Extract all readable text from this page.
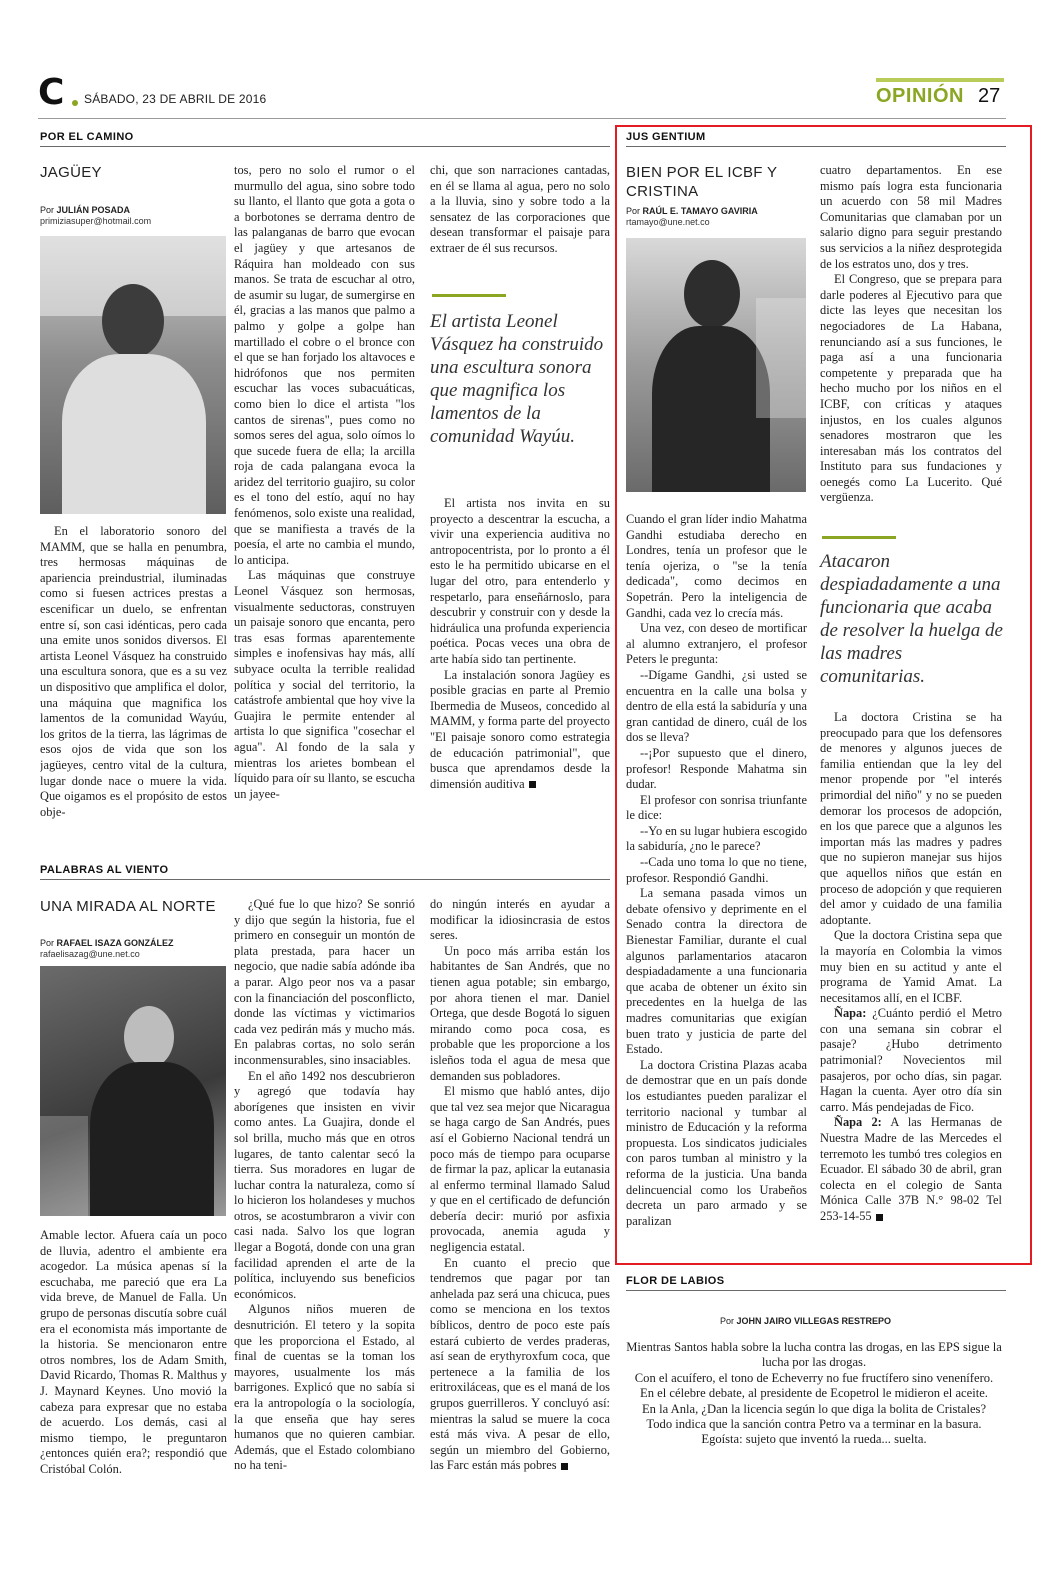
C	SÁBADO, 23 DE ABRIL DE 2016	OPINIÓN 27
POR EL CAMINO
JAGÜEY
Por JULIÁN POSADA
primiziasuper@hotmail.com

En el laboratorio sonoro del MAMM, que se halla en penumbra, tres hermosas máquinas de apariencia preindustrial, iluminadas como si fuesen actrices prestas a escenificar un duelo, se enfrentan entre sí, son casi idénticas, pero cada una emite unos sonidos diversos. El artista Leonel Vásquez ha construido una escultura sonora, que es a su vez un dispositivo que amplifica el dolor, una máquina que magnifica los lamentos de la comunidad Wayúu, los gritos de la tierra, las lágrimas de esos ojos de vida que son los jagüeyes, centro vital de la cultura, lugar donde nace o muere la vida. Que oigamos es el propósito de estos obje-

tos, pero no solo el rumor o el murmullo del agua, sino sobre todo su llanto, el llanto que gota a gota o a borbotones se derrama dentro de las palanganas de barro que evocan el jagüey y que artesanos de Ráquira han moldeado con sus manos. Se trata de escuchar al otro, de asumir su lugar, de sumergirse en él, gracias a las manos que palmo a palmo y golpe a golpe han martillado el cobre o el bronce con el que se han forjado los altavoces e hidrófonos que nos permiten escuchar las voces subacuáticas, como bien lo dice el artista "los cantos de sirenas", pues como no somos seres del agua, solo oímos lo que sucede fuera de ella; la arcilla roja de cada palangana evoca la aridez del territorio guajiro, su color es el tono del estío, aquí no hay fenómenos, solo existe una realidad, que se manifiesta a través de la poesía, el arte no cambia el mundo, lo anticipa.

Las máquinas que construye Leonel Vásquez son hermosas, visualmente seductoras, construyen un paisaje sonoro que encanta, pero tras esas formas aparentemente simples e inofensivas hay más, allí subyace oculta la terrible realidad política y social del territorio, la catástrofe ambiental que hoy vive la Guajira le permite entender al artista lo que significa "cosechar el agua". Al fondo de la sala y mientras los arietes bombean el líquido para oír su llanto, se escucha un jayee-

chi, que son narraciones cantadas, en él se llama al agua, pero no solo a la lluvia, sino y sobre todo a la sensatez de las corporaciones que desean transformar el paisaje para extraer de él sus recursos.

El artista Leonel Vásquez ha construido una escultura sonora que magnifica los lamentos de la comunidad Wayúu.

El artista nos invita en su proyecto a descentrar la escucha, a vivir una experiencia auditiva no antropocentrista, por lo pronto a él esto le ha permitido ubicarse en el lugar del otro, para entenderlo y respetarlo, para enseñárnoslo, para descubrir y construir con y desde la hidráulica una profunda experiencia poética. Pocas veces una obra de arte había sido tan pertinente.

La instalación sonora Jagüey es posible gracias en parte al Premio Ibermedia de Museos, concedido al MAMM, y forma parte del proyecto "El paisaje sonoro como estrategia de educación patrimonial", que busca que aprendamos desde la dimensión auditiva

PALABRAS AL VIENTO
UNA MIRADA AL NORTE
Por RAFAEL ISAZA GONZÁLEZ
rafaelisazag@une.net.co

Amable lector. Afuera caía un poco de lluvia, adentro el ambiente era acogedor. La música apenas sí la escuchaba, me pareció que era La vida breve, de Manuel de Falla. Un grupo de personas discutía sobre cuál era el economista más importante de la historia. Se mencionaron entre otros nombres, los de Adam Smith, David Ricardo, Thomas R. Malthus y J. Maynard Keynes. Uno movió la cabeza para expresar que no estaba de acuerdo. Los demás, casi al mismo tiempo, le preguntaron ¿entonces quién era?; respondió que Cristóbal Colón.

¿Qué fue lo que hizo? Se sonrió y dijo que según la historia, fue el primero en conseguir un montón de plata prestada, para hacer un negocio, que nadie sabía adónde iba a parar. Algo peor nos va a pasar con la financiación del posconflicto, donde las víctimas y victimarios cada vez pedirán más y mucho más. En palabras cortas, no solo serán inconmensurables, sino insaciables.

En el año 1492 nos descubrieron y agregó que todavía hay aborígenes que insisten en vivir como antes. La Guajira, donde el sol brilla, mucho más que en otros lugares, de tanto calentar secó la tierra. Sus moradores en lugar de luchar contra la naturaleza, como sí lo hicieron los holandeses y muchos otros, se acostumbraron a vivir con casi nada. Salvo los que logran llegar a Bogotá, donde con una gran facilidad aprenden el arte de la política, incluyendo sus beneficios económicos.

Algunos niños mueren de desnutrición. El tetero y la sopita que les proporciona el Estado, al final de cuentas se la toman los mayores, usualmente los más barrigones. Explicó que no sabía si era la antropología o la sociología, la que enseña que hay seres humanos que no quieren cambiar. Además, que el Estado colombiano no ha teni-

do ningún interés en ayudar a modificar la idiosincrasia de estos seres.

Un poco más arriba están los habitantes de San Andrés, que no tienen agua potable; sin embargo, por ahora tienen el mar. Daniel Ortega, que desde Bogotá lo siguen mirando como poca cosa, es probable que les proporcione a los isleños toda el agua de mesa que demanden sus pobladores.

El mismo que habló antes, dijo que tal vez sea mejor que Nicaragua se haga cargo de San Andrés, pues así el Gobierno Nacional tendrá un poco más de tiempo para ocuparse de firmar la paz, aplicar la eutanasia al enfermo terminal llamado Salud y que en el certificado de defunción debería decir: murió por asfixia provocada, anemia aguda y negligencia estatal.

En cuanto el precio que tendremos que pagar por tan anhelada paz será una chicuca, pues como se menciona en los textos bíblicos, dentro de poco este país estará cubierto de verdes praderas, así sean de erythyroxfum coca, que pertenece a la familia de los eritroxiláceas, que es el maná de los grupos guerrilleros. Y concluyó así: mientras la salud se muere la coca está más viva. A pesar de ello, según un miembro del Gobierno, las Farc están más pobres

JUS GENTIUM
BIEN POR EL ICBF Y CRISTINA
Por RAÚL E. TAMAYO GAVIRIA
rtamayo@une.net.co

Cuando el gran líder indio Mahatma Gandhi estudiaba derecho en Londres, tenía un profesor que le tenía ojeriza, o "se la tenía dedicada", como decimos en Sopetrán. Pero la inteligencia de Gandhi, cada vez lo crecía más.

Una vez, con deseo de mortificar al alumno extranjero, el profesor Peters le pregunta:

--Dígame Gandhi, ¿si usted se encuentra en la calle una bolsa y dentro de ella está la sabiduría y una gran cantidad de dinero, cuál de los dos se lleva?

--¡Por supuesto que el dinero, profesor! Responde Mahatma sin dudar.

El profesor con sonrisa triunfante le dice:

--Yo en su lugar hubiera escogido la sabiduría, ¿no le parece?

--Cada uno toma lo que no tiene, profesor. Respondió Gandhi.

La semana pasada vimos un debate ofensivo y deprimente en el Senado contra la directora de Bienestar Familiar, durante el cual algunos parlamentarios atacaron despiadadamente a una funcionaria que acaba de obtener un éxito sin precedentes en la huelga de las madres comunitarias que exigían buen trato y justicia de parte del Estado.

La doctora Cristina Plazas acaba de demostrar que en un país donde los estudiantes pueden paralizar el territorio nacional y tumbar al ministro de Educación y la reforma propuesta. Los sindicatos judiciales con paros tumban al ministro y la reforma de la justicia. Una banda delincuencial como los Urabeños decreta un paro armado y se paralizan

cuatro departamentos. En ese mismo país logra esta funcionaria un acuerdo con 58 mil Madres Comunitarias que clamaban por un salario digno para seguir prestando sus servicios a la niñez desprotegida de los estratos uno, dos y tres.

El Congreso, que se prepara para darle poderes al Ejecutivo para que dicte las leyes que necesitan los negociadores de La Habana, renunciando así a sus funciones, le paga así a una funcionaria competente y preparada que ha hecho mucho por los niños en el ICBF, con críticas y ataques injustos, en los cuales algunos senadores mostraron que les interesaban más los contratos del Instituto para sus fundaciones y oenegés como La Lucerito. Qué vergüenza.

Atacaron despiadadamente a una funcionaria que acaba de resolver la huelga de las madres comunitarias.

La doctora Cristina se ha preocupado para que los defensores de menores y algunos jueces de familia entiendan que la ley del menor propende por "el interés primordial del niño" y no se pueden demorar los procesos de adopción, en los que parece que a algunos les importan más las madres y padres que no supieron manejar sus hijos que aquellos niños que están en proceso de adopción y que requieren del amor y cuidado de una familia adoptante.

Que la doctora Cristina sepa que la mayoría en Colombia la vimos muy bien en su actitud y ante el programa de Yamid Amat. La necesitamos allí, en el ICBF.

Ñapa: ¿Cuánto perdió el Metro con una semana sin cobrar el pasaje? ¿Hubo detrimento patrimonial? Novecientos mil pasajeros, por ocho días, sin pagar. Hagan la cuenta. Ayer otro día sin carro. Más pendejadas de Fico.

Ñapa 2: A las Hermanas de Nuestra Madre de las Mercedes el terremoto les tumbó tres colegios en Ecuador. El sábado 30 de abril, gran colecta en el colegio de Santa Mónica Calle 37B N.° 98-02 Tel 253-14-55

FLOR DE LABIOS
Por JOHN JAIRO VILLEGAS RESTREPO

Mientras Santos habla sobre la lucha contra las drogas, en las EPS sigue la lucha por las drogas.

Con el acuífero, el tono de Echeverry no fue fructífero sino venenífero.

En el célebre debate, al presidente de Ecopetrol le midieron el aceite.

En la Anla, ¿Dan la licencia según lo que diga la bolita de Cristales?

Todo indica que la sanción contra Petro va a terminar en la basura.

Egoísta: sujeto que inventó la rueda... suelta.
